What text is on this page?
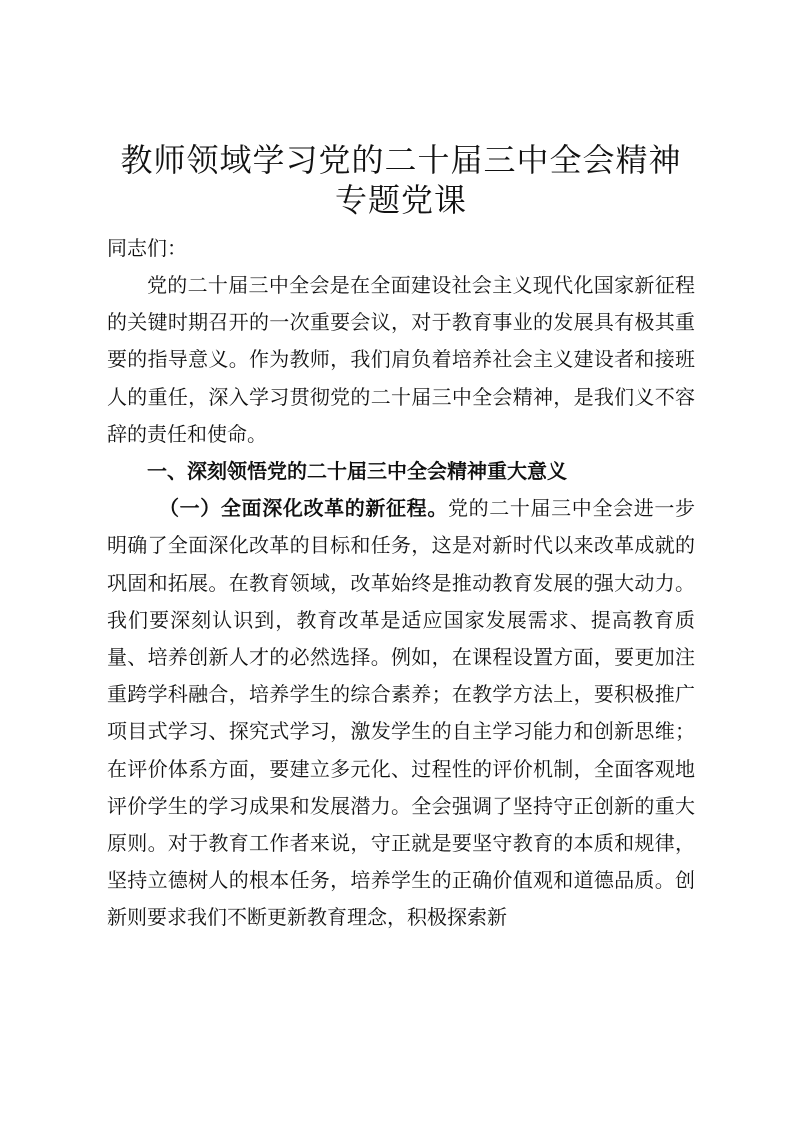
教师领域学习党的二十届三中全会精神专题党课

同志们：

党的二十届三中全会是在全面建设社会主义现代化国家新征程的关键时期召开的一次重要会议，对于教育事业的发展具有极其重要的指导意义。作为教师，我们肩负着培养社会主义建设者和接班人的重任，深入学习贯彻党的二十届三中全会精神，是我们义不容辞的责任和使命。

一、深刻领悟党的二十届三中全会精神重大意义

（一）全面深化改革的新征程。党的二十届三中全会进一步明确了全面深化改革的目标和任务，这是对新时代以来改革成就的巩固和拓展。在教育领域，改革始终是推动教育发展的强大动力。我们要深刻认识到，教育改革是适应国家发展需求、提高教育质量、培养创新人才的必然选择。例如，在课程设置方面，要更加注重跨学科融合，培养学生的综合素养；在教学方法上，要积极推广项目式学习、探究式学习，激发学生的自主学习能力和创新思维；在评价体系方面，要建立多元化、过程性的评价机制，全面客观地评价学生的学习成果和发展潜力。全会强调了坚持守正创新的重大原则。对于教育工作者来说，守正就是要坚守教育的本质和规律，坚持立德树人的根本任务，培养学生的正确价值观和道德品质。创新则要求我们不断更新教育理念，积极探索新
